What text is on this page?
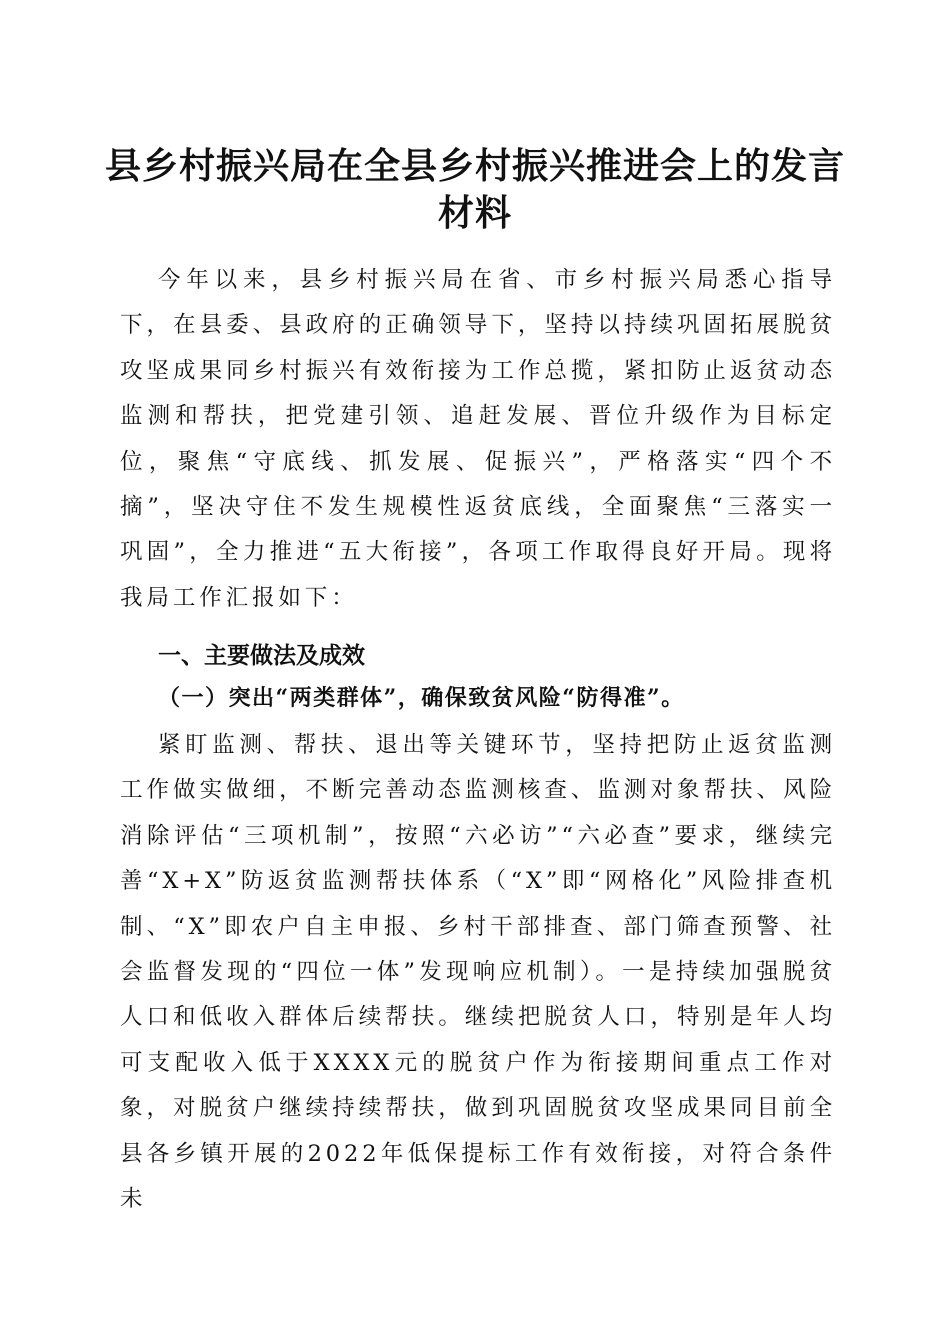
县乡村振兴局在全县乡村振兴推进会上的发言
材料

今年以来，县乡村振兴局在省、市乡村振兴局悉心指导下，在县委、县政府的正确领导下，坚持以持续巩固拓展脱贫攻坚成果同乡村振兴有效衔接为工作总揽，紧扣防止返贫动态监测和帮扶，把党建引领、追赶发展、晋位升级作为目标定位，聚焦“守底线、抓发展、促振兴”，严格落实“四个不摘”，坚决守住不发生规模性返贫底线，全面聚焦“三落实一巩固”，全力推进“五大衔接”，各项工作取得良好开局。现将我局工作汇报如下：

一、主要做法及成效
（一）突出“两类群体”，确保致贫风险“防得准”。

紧盯监测、帮扶、退出等关键环节，坚持把防止返贫监测工作做实做细，不断完善动态监测核查、监测对象帮扶、风险消除评估“三项机制”，按照“六必访”“六必查”要求，继续完善“X+X”防返贫监测帮扶体系（“X”即“网格化”风险排查机制、“X”即农户自主申报、乡村干部排查、部门筛查预警、社会监督发现的“四位一体”发现响应机制）。一是持续加强脱贫人口和低收入群体后续帮扶。继续把脱贫人口，特别是年人均可支配收入低于XXXX元的脱贫户作为衔接期间重点工作对象，对脱贫户继续持续帮扶，做到巩固脱贫攻坚成果同目前全县各乡镇开展的2022年低保提标工作有效衔接，对符合条件未
